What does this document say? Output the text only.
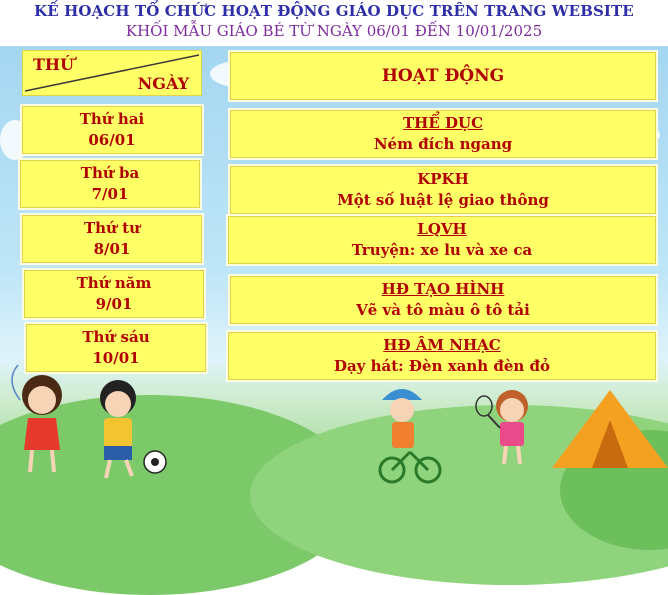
KẾ HOẠCH TỔ CHỨC HOẠT ĐỘNG GIÁO DỤC TRÊN TRANG WEBSITE
KHỐI MẪU GIÁO BÉ TỪ NGÀY 06/01 ĐẾN 10/01/2025
THỨ
NGÀY	HOẠT ĐỘNG
Thứ hai
06/01
Thứ ba
7/01
Thứ tư
8/01
Thứ năm
9/01
Thứ sáu
10/01
THỂ DỤC
Ném đích ngang
KPKH
Một số luật lệ giao thông
LQVH
Truyện: xe lu và xe ca
HĐ TẠO HÌNH
Vẽ và tô màu ô tô tải
HĐ ÂM NHẠC
Dạy hát: Đèn xanh đèn đỏ
